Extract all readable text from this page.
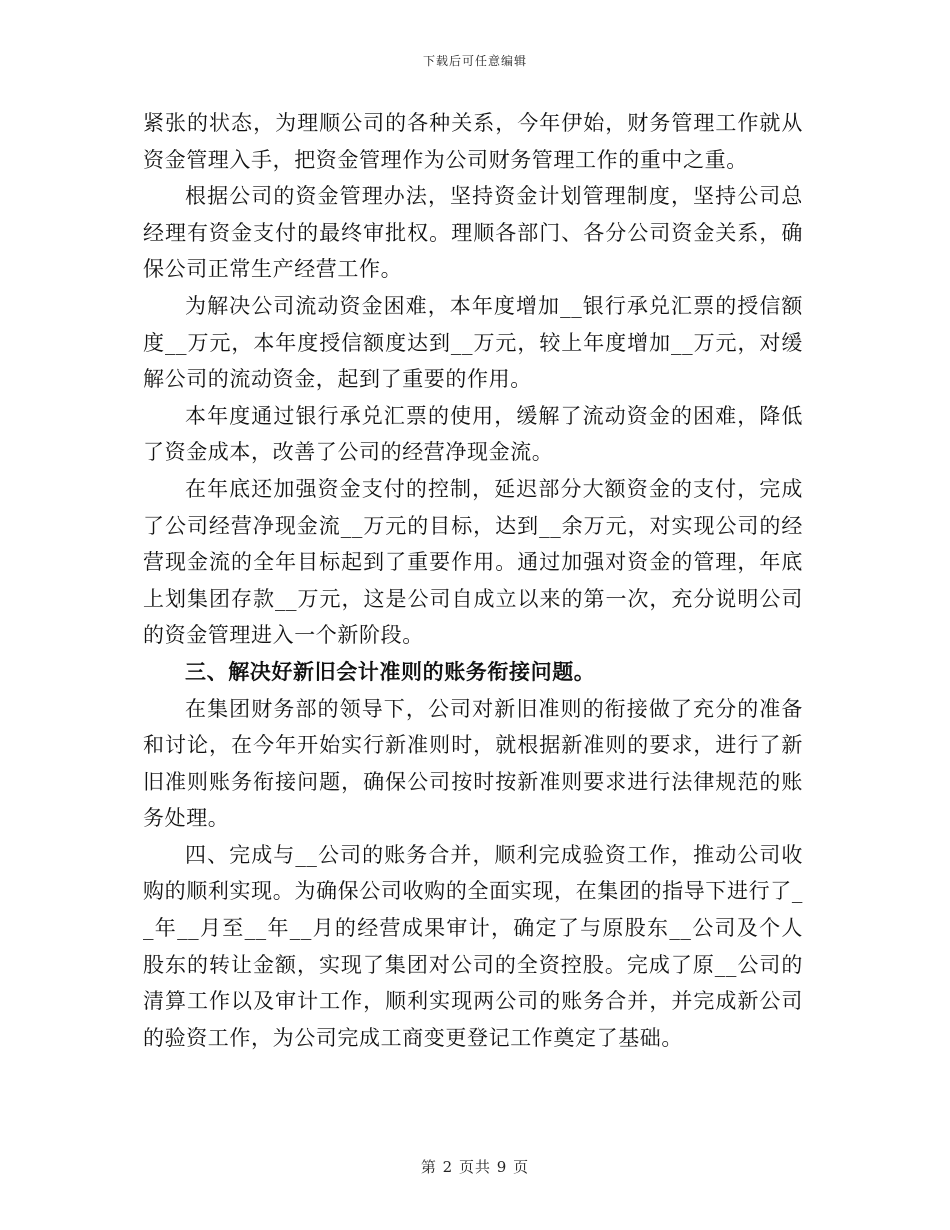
下载后可任意编辑

紧张的状态，为理顺公司的各种关系，今年伊始，财务管理工作就从资金管理入手，把资金管理作为公司财务管理工作的重中之重。

根据公司的资金管理办法，坚持资金计划管理制度，坚持公司总经理有资金支付的最终审批权。理顺各部门、各分公司资金关系，确保公司正常生产经营工作。

为解决公司流动资金困难，本年度增加__银行承兑汇票的授信额度__万元，本年度授信额度达到__万元，较上年度增加__万元，对缓解公司的流动资金，起到了重要的作用。

本年度通过银行承兑汇票的使用，缓解了流动资金的困难，降低了资金成本，改善了公司的经营净现金流。

在年底还加强资金支付的控制，延迟部分大额资金的支付，完成了公司经营净现金流__万元的目标，达到__余万元，对实现公司的经营现金流的全年目标起到了重要作用。通过加强对资金的管理，年底上划集团存款__万元，这是公司自成立以来的第一次，充分说明公司的资金管理进入一个新阶段。

三、解决好新旧会计准则的账务衔接问题。

在集团财务部的领导下，公司对新旧准则的衔接做了充分的准备和讨论，在今年开始实行新准则时，就根据新准则的要求，进行了新旧准则账务衔接问题，确保公司按时按新准则要求进行法律规范的账务处理。

四、完成与__公司的账务合并，顺利完成验资工作，推动公司收购的顺利实现。为确保公司收购的全面实现，在集团的指导下进行了__年__月至__年__月的经营成果审计，确定了与原股东__公司及个人股东的转让金额，实现了集团对公司的全资控股。完成了原__公司的清算工作以及审计工作，顺利实现两公司的账务合并，并完成新公司的验资工作，为公司完成工商变更登记工作奠定了基础。

第 2 页共 9 页
